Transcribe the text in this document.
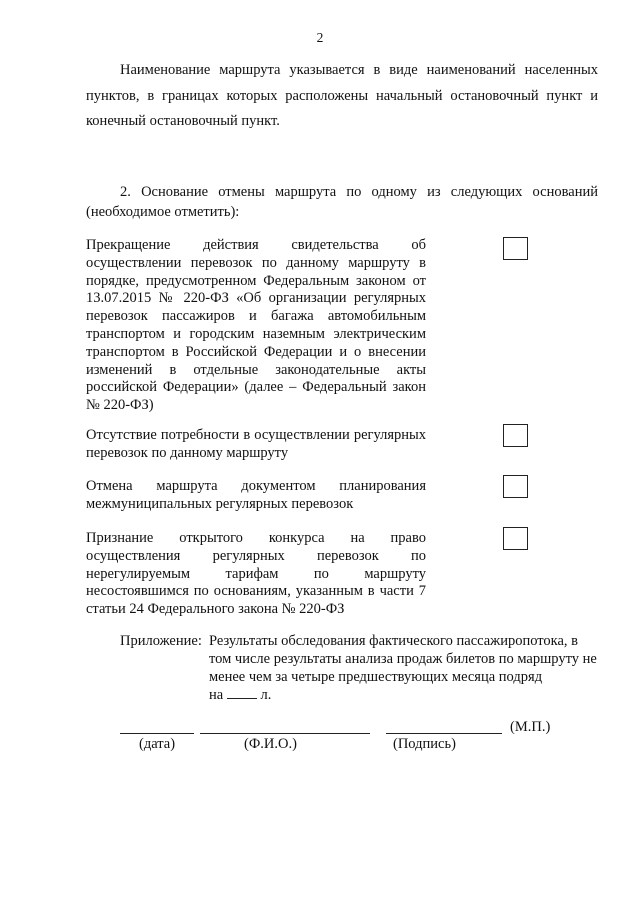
2
Наименование маршрута указывается в виде наименований населенных пунктов, в границах которых расположены начальный остановочный пункт и конечный остановочный пункт.
2. Основание отмены маршрута по одному из следующих оснований (необходимое отметить):
Прекращение действия свидетельства об осуществлении перевозок по данному маршруту в порядке, предусмотренном Федеральным законом от 13.07.2015 № 220-ФЗ «Об организации регулярных перевозок пассажиров и багажа автомобильным транспортом и городским наземным электрическим транспортом в Российской Федерации и о внесении изменений в отдельные законодательные акты российской Федерации» (далее – Федеральный закон № 220-ФЗ)
Отсутствие потребности в осуществлении регулярных перевозок по данному маршруту
Отмена маршрута документом планирования межмуниципальных регулярных перевозок
Признание открытого конкурса на право осуществления регулярных перевозок по нерегулируемым тарифам по маршруту несостоявшимся по основаниям, указанным в части 7 статьи 24 Федерального закона № 220-ФЗ
Приложение: Результаты обследования фактического пассажиропотока, в том числе результаты анализа продаж билетов по маршруту не менее чем за четыре предшествующих месяца подряд
на	л.
(М.П.)
(дата)	(Ф.И.О.)	(Подпись)
